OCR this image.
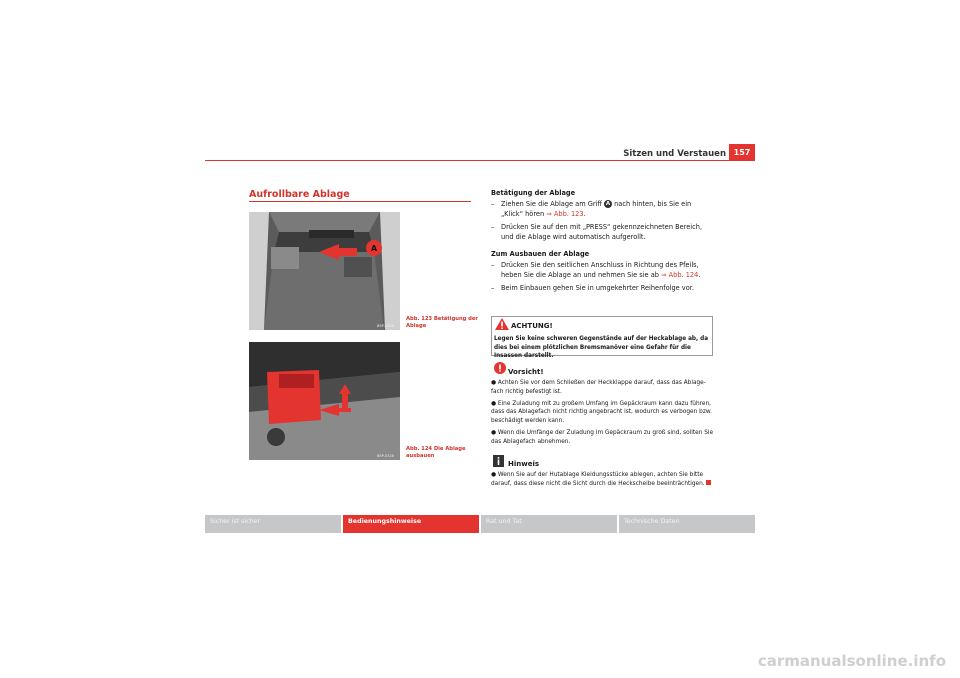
Sitzen und Verstauen 157
Aufrollbare Ablage
A
B5P-0326
Abb. 123 Betätigung der Ablage
B5P-0328
Abb. 124 Die Ablage ausbauen
Betätigung der Ablage

– Ziehen Sie die Ablage am Griff A nach hinten, bis Sie ein „Klick“ hören ⇒ Abb. 123.

– Drücken Sie auf den mit „PRESS“ gekennzeichneten Bereich, und die Ablage wird automatisch aufgerollt.

Zum Ausbauen der Ablage

– Drücken Sie den seitlichen Anschluss in Richtung des Pfeils, heben Sie die Ablage an und nehmen Sie sie ab ⇒ Abb. 124.

– Beim Einbauen gehen Sie in umgekehrter Reihenfolge vor.

ACHTUNG!
Legen Sie keine schweren Gegenstände auf der Heckablage ab, da dies bei einem plötzlichen Bremsmanöver eine Gefahr für die Insassen darstellt.
Vorsicht!

● Achten Sie vor dem Schließen der Heckklappe darauf, dass das Ablage-fach richtig befestigt ist.

● Eine Zuladung mit zu großem Umfang im Gepäckraum kann dazu führen, dass das Ablagefach nicht richtig angebracht ist, wodurch es verbogen bzw. beschädigt werden kann.

● Wenn die Umfänge der Zuladung im Gepäckraum zu groß sind, sollten Sie das Ablagefach abnehmen.

Hinweis

● Wenn Sie auf der Hutablage Kleidungsstücke ablegen, achten Sie bitte darauf, dass diese nicht die Sicht durch die Heckscheibe beeinträchtigen.

Sicher ist sicher	Bedienungshinweise	Rat und Tat	Technische Daten
carmanualsonline.info
